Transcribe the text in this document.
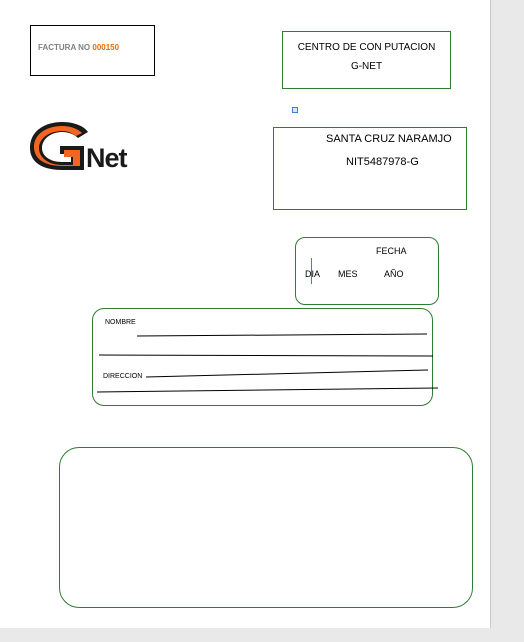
FACTURA NO 000150	CENTRO DE CON PUTACION
G-NET
Net
SANTA CRUZ NARAMJO
NIT5487978-G
FECHA
DIA MES	AÑO
NOMBRE
DIRECCION
